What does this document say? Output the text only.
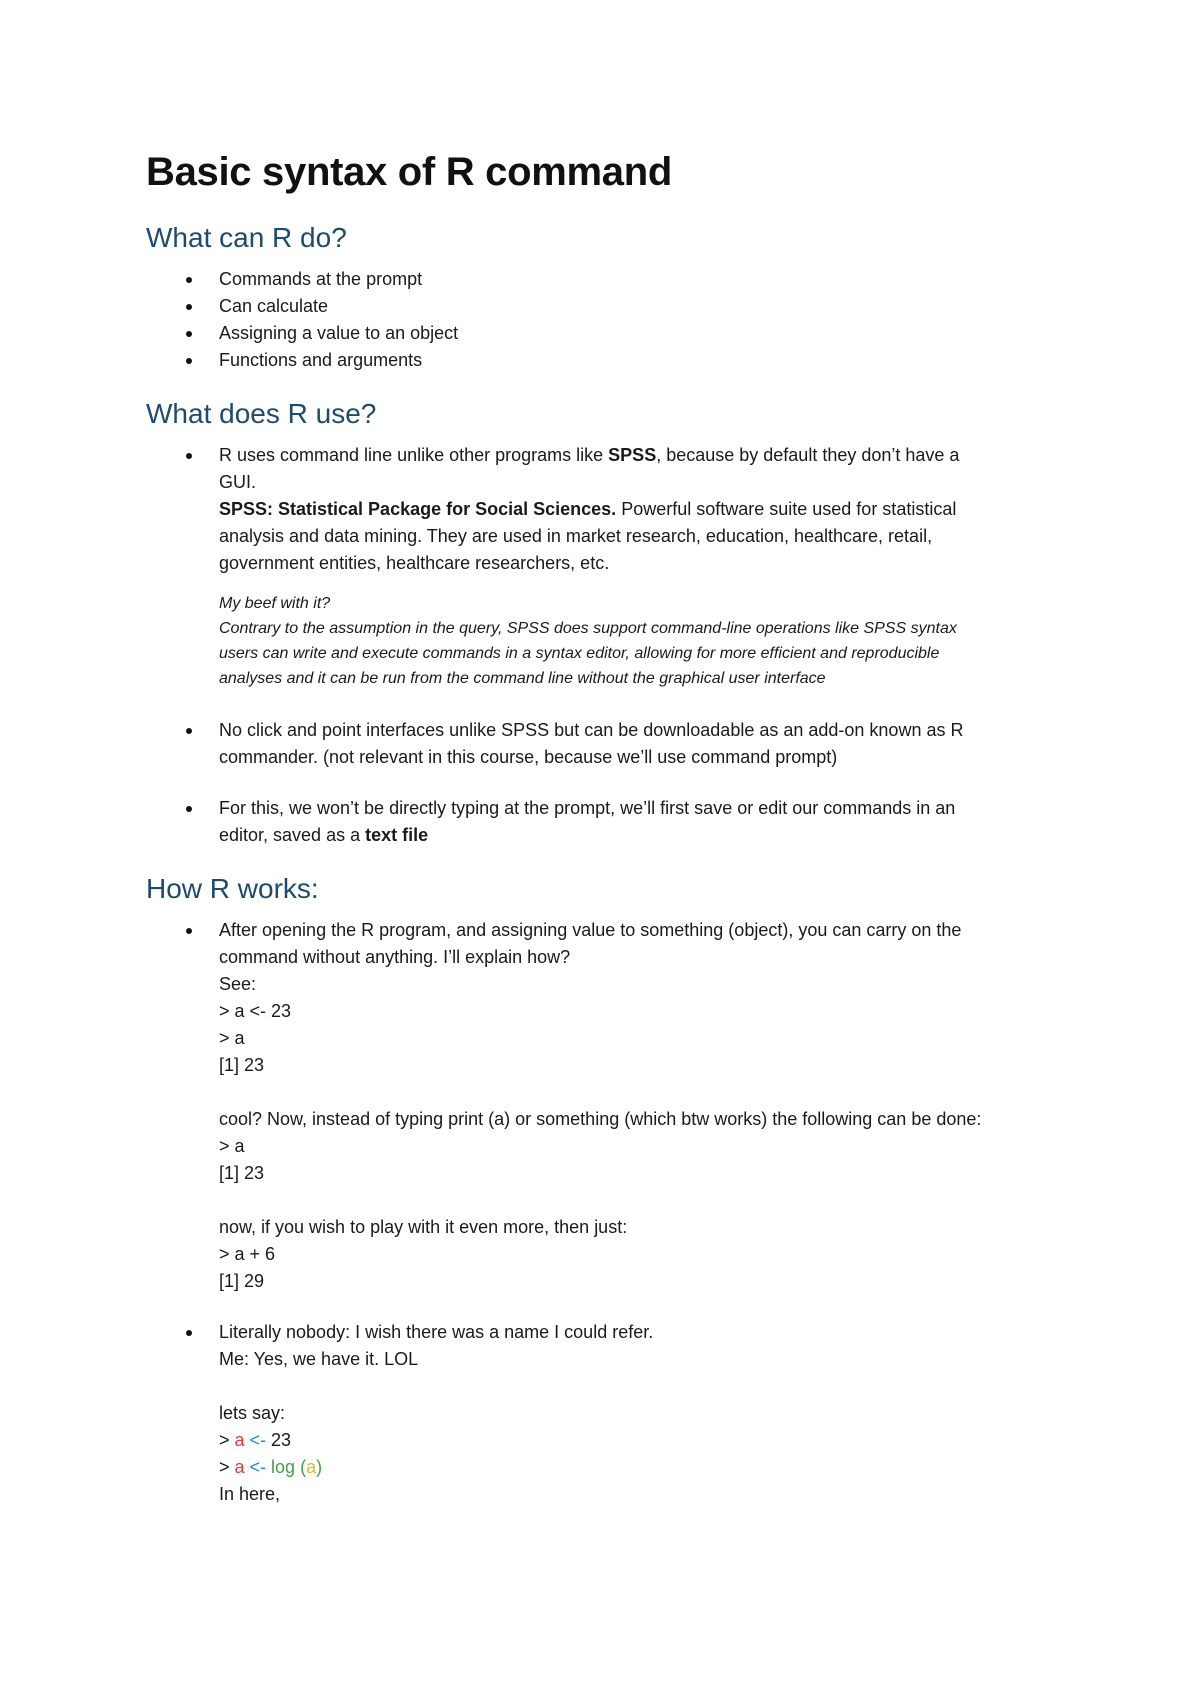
Basic syntax of R command
What can R do?
Commands at the prompt
Can calculate
Assigning a value to an object
Functions and arguments
What does R use?
R uses command line unlike other programs like SPSS, because by default they don’t have a
GUI.
SPSS: Statistical Package for Social Sciences. Powerful software suite used for statistical
analysis and data mining. They are used in market research, education, healthcare, retail,
government entities, healthcare researchers, etc.
My beef with it?
Contrary to the assumption in the query, SPSS does support command-line operations like SPSS syntax
users can write and execute commands in a syntax editor, allowing for more efficient and reproducible
analyses and it can be run from the command line without the graphical user interface
No click and point interfaces unlike SPSS but can be downloadable as an add-on known as R
commander. (not relevant in this course, because we’ll use command prompt)
For this, we won’t be directly typing at the prompt, we’ll first save or edit our commands in an
editor, saved as a text file
How R works:
After opening the R program, and assigning value to something (object), you can carry on the
command without anything. I’ll explain how?
See:
> a <- 23
> a
[1] 23
cool? Now, instead of typing print (a) or something (which btw works) the following can be done:
> a
[1] 23
now, if you wish to play with it even more, then just:
> a + 6
[1] 29
Literally nobody: I wish there was a name I could refer.
Me: Yes, we have it. LOL
lets say:
> a <- 23
> a <- log (a)
In here,
